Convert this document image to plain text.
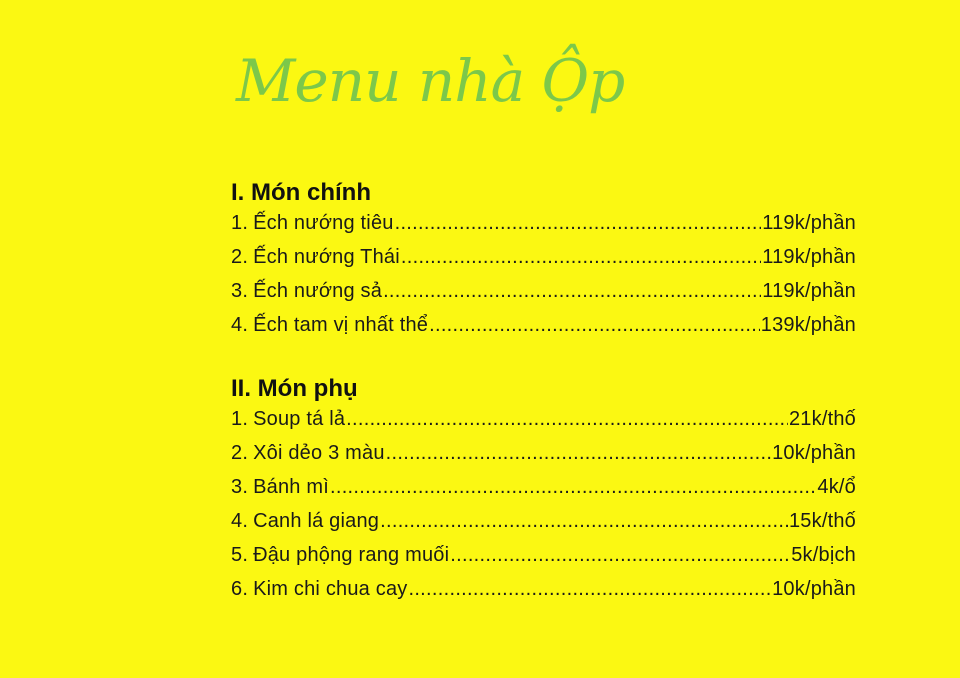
Menu nhà Ộp
I. Món chính
1. Ếch nướng tiêu .....	119k/phần
2. Ếch nướng Thái .....	119k/phần
3. Ếch nướng sả .....	119k/phần
4. Ếch tam vị nhất thể .....	139k/phần
II. Món phụ
1. Soup tá lả .....	21k/thố
2. Xôi dẻo 3 màu .....	10k/phần
3. Bánh mì .....	4k/ổ
4. Canh lá giang .....	15k/thố
5. Đậu phộng rang muối .....	5k/bịch
6. Kim chi chua cay .....	10k/phần
